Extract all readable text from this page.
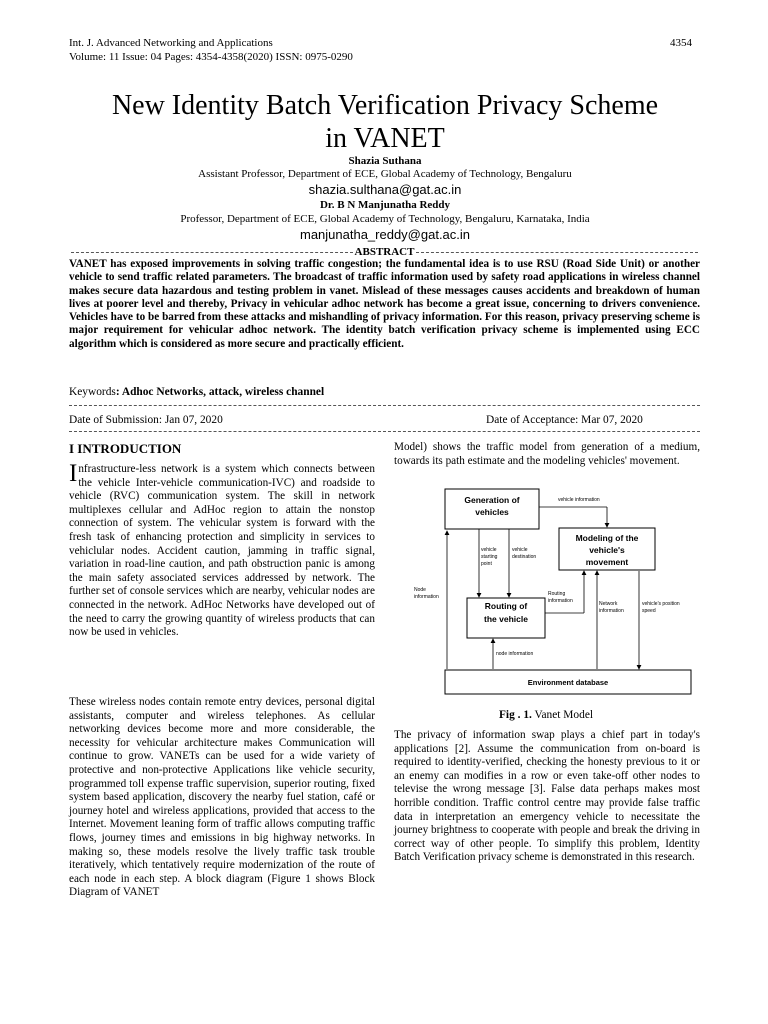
Int. J. Advanced Networking and Applications	4354
Volume: 11 Issue: 04 Pages: 4354-4358(2020) ISSN: 0975-0290
New Identity Batch Verification Privacy Scheme
in VANET
Shazia Suthana
Assistant Professor, Department of ECE, Global Academy of Technology, Bengaluru
shazia.sulthana@gat.ac.in
Dr. B N Manjunatha Reddy
Professor, Department of ECE, Global Academy of Technology, Bengaluru, Karnataka, India
manjunatha_reddy@gat.ac.in
ABSTRACT
VANET has exposed improvements in solving traffic congestion; the fundamental idea is to use RSU (Road Side Unit) or another vehicle to send traffic related parameters. The broadcast of traffic information used by safety road applications in wireless channel makes secure data hazardous and testing problem in vanet. Mislead of these messages causes accidents and breakdown of human lives at poorer level and thereby, Privacy in vehicular adhoc network has become a great issue, concerning to drivers convenience. Vehicles have to be barred from these attacks and mishandling of privacy information. For this reason, privacy preserving scheme is major requirement for vehicular adhoc network. The identity batch verification privacy scheme is implemented using ECC algorithm which is considered as more secure and practically efficient.
Keywords: Adhoc Networks, attack, wireless channel
Date of Submission: Jan 07, 2020	Date of Acceptance: Mar 07, 2020
I INTRODUCTION
Infrastructure-less network is a system which connects between the vehicle Inter-vehicle communication-IVC) and roadside to vehicle (RVC) communication system. The skill in network multiplexes cellular and AdHoc region to attain the nonstop connection of system. The vehicular system is forward with the fresh task of enhancing protection and simplicity in services to vehiclular nodes. Accident caution, jamming in traffic signal, variation in road-line caution, and path obstruction panic is among the main safety associated services addressed by network. The further set of console services which are nearby, vehicular nodes are connected in the network. AdHoc Networks have developed out of the need to carry the growing quantity of wireless products that can now be used in vehicles.
These wireless nodes contain remote entry devices, personal digital assistants, computer and wireless telephones. As cellular networking devices become more and more considerable, the necessity for vehicular architecture makes Communication will continue to grow. VANETs can be used for a wide variety of protective and non-protective Applications like vehicle security, programmed toll expense traffic supervision, superior routing, fixed system based application, discovery the nearby fuel station, café or journey hotel and wireless applications, provided that access to the Internet. Movement leaning form of traffic allows computing traffic flows, journey times and emissions in big highway networks. In making so, these models resolve the lively traffic task trouble iteratively, which tentatively require modernization of the route of each node in each step. A block diagram (Figure 1 shows Block Diagram of VANET
Model) shows the traffic model from generation of a medium, towards its path estimate and the modeling vehicles' movement.
Generation of
vehicles
Modeling of the
vehicle's
movement
Routing of
the vehicle
Environment database
vehicle information
vehicle
starting
point
vehicle
destination
Node
information	Routing
information	Network
information
vehicle's position
speed
node information
Fig . 1. Vanet Model
The privacy of information swap plays a chief part in today's applications [2]. Assume the communication from on-board is required to identity-verified, checking the honesty previous to it or an enemy can modifies in a row or even take-off other nodes to televise the wrong message [3]. False data perhaps makes most horrible condition. Traffic control centre may provide false traffic data in interpretation an emergency vehicle to necessitate the journey brightness to cooperate with people and break the driving in correct way of other people. To simplify this problem, Identity Batch Verification privacy scheme is demonstrated in this research.
